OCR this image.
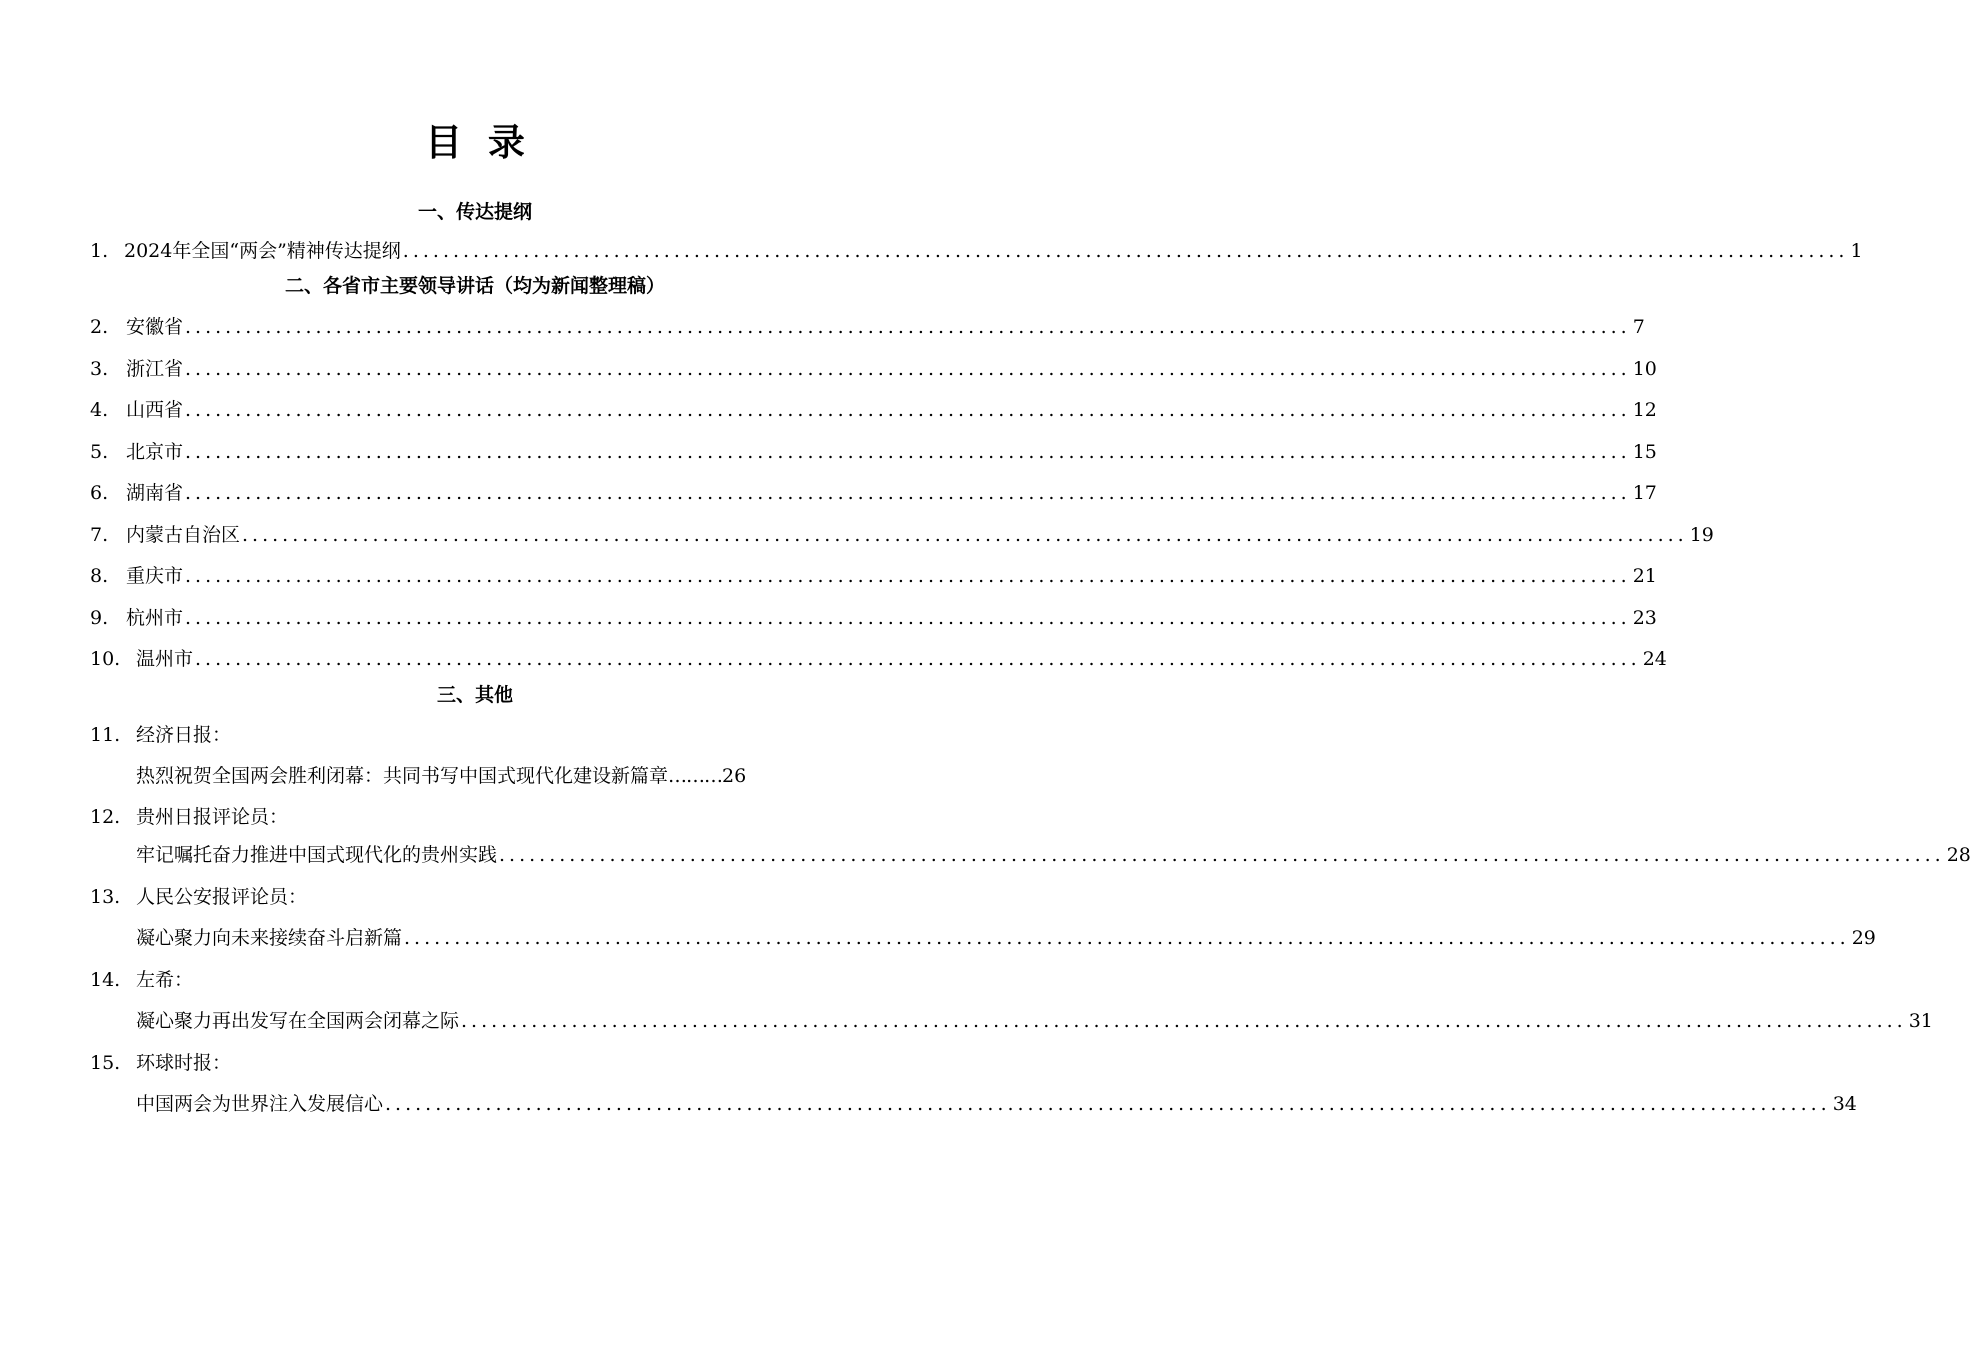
目  录
一、传达提纲
1. 2024年全国“两会”精神传达提纲 ................................................................................................................................................ 1
二、各省市主要领导讲话（均为新闻整理稿）
2. 安徽省 ................................................................................................................................................ 7
3. 浙江省 ................................................................................................................................................ 10
4. 山西省 ................................................................................................................................................ 12
5. 北京市 ................................................................................................................................................ 15
6. 湖南省 ................................................................................................................................................ 17
7. 内蒙古自治区 ................................................................................................................................................ 19
8. 重庆市 ................................................................................................................................................ 21
9. 杭州市 ................................................................................................................................................ 23
10. 温州市 ................................................................................................................................................ 24
三、其他
11. 经济日报：
热烈祝贺全国两会胜利闭幕：共同书写中国式现代化建设新篇章 ……… 26
12. 贵州日报评论员：
牢记嘱托奋力推进中国式现代化的贵州实践 ................................................................................................................................................ 28
13. 人民公安报评论员：
凝心聚力向未来接续奋斗启新篇 ................................................................................................................................................ 29
14. 左希：
凝心聚力再出发写在全国两会闭幕之际 ................................................................................................................................................ 31
15. 环球时报：
中国两会为世界注入发展信心 ................................................................................................................................................ 34
